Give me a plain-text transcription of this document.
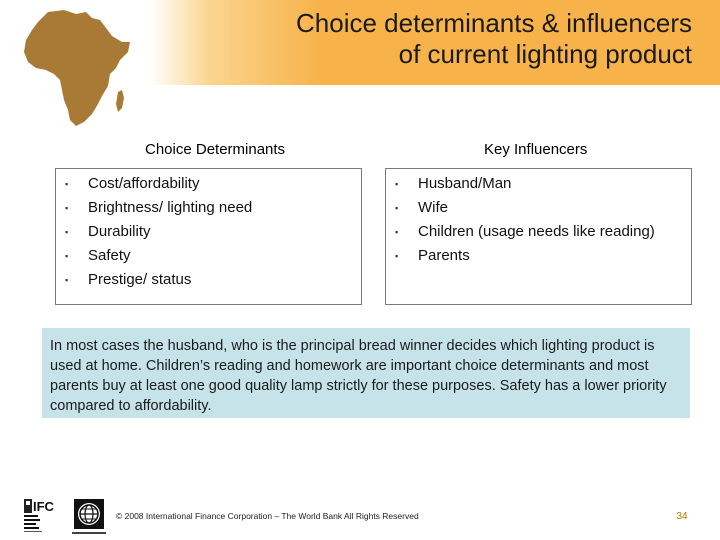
Choice determinants & influencers
of current lighting product
Choice Determinants	Key Influencers
▪ Cost/affordability
▪ Brightness/ lighting need
▪ Durability
▪ Safety
▪ Prestige/ status
▪ Husband/Man
▪ Wife
▪ Children (usage needs like reading)
▪ Parents
In most cases the husband, who is the principal bread winner decides which lighting product is used at home. Children’s reading and homework are important choice determinants and most parents buy at least one good quality lamp strictly for these purposes. Safety has a lower priority compared to affordability.
IFC
© 2008 International Finance Corporation – The World Bank All Rights Reserved	34
